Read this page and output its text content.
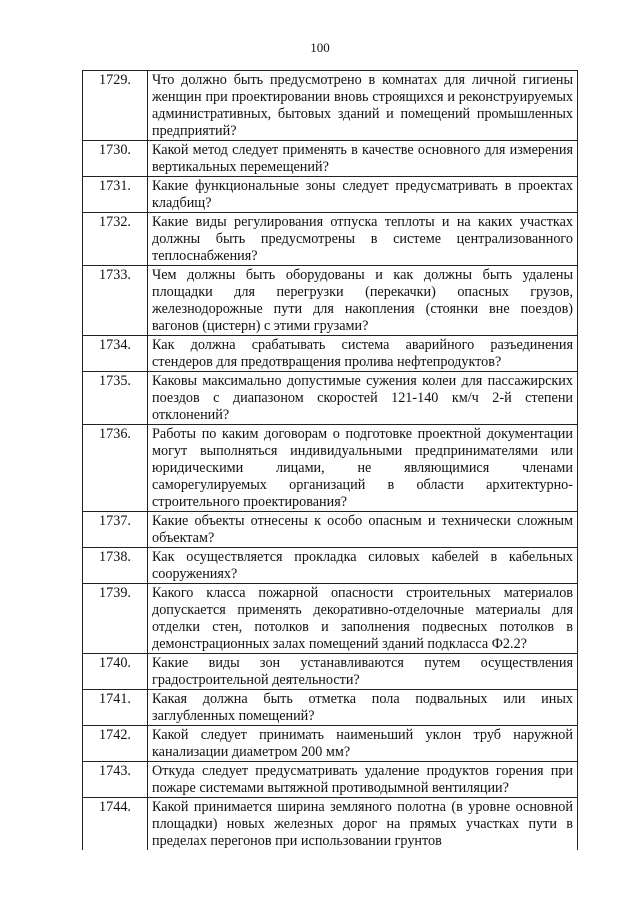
100
1729.	Что должно быть предусмотрено в комнатах для личной гигиены женщин при проектировании вновь строящихся и реконструируемых административных, бытовых зданий и помещений промышленных предприятий?
1730.	Какой метод следует применять в качестве основного для измерения вертикальных перемещений?
1731.	Какие функциональные зоны следует предусматривать в проектах кладбищ?
1732.	Какие виды регулирования отпуска теплоты и на каких участках должны быть предусмотрены в системе централизованного теплоснабжения?
1733.	Чем должны быть оборудованы и как должны быть удалены площадки для перегрузки (перекачки) опасных грузов, железнодорожные пути для накопления (стоянки вне поездов) вагонов (цистерн) с этими грузами?
1734.	Как должна срабатывать система аварийного разъединения стендеров для предотвращения пролива нефтепродуктов?
1735.	Каковы максимально допустимые сужения колеи для пассажирских поездов с диапазоном скоростей 121-140 км/ч 2-й степени отклонений?
1736.	Работы по каким договорам о подготовке проектной документации могут выполняться индивидуальными предпринимателями или юридическими лицами, не являющимися членами саморегулируемых организаций в области архитектурно-строительного проектирования?
1737.	Какие объекты отнесены к особо опасным и технически сложным объектам?
1738.	Как осуществляется прокладка силовых кабелей в кабельных сооружениях?
1739.	Какого класса пожарной опасности строительных материалов допускается применять декоративно-отделочные материалы для отделки стен, потолков и заполнения подвесных потолков в демонстрационных залах помещений зданий подкласса Ф2.2?
1740.	Какие виды зон устанавливаются путем осуществления градостроительной деятельности?
1741.	Какая должна быть отметка пола подвальных или иных заглубленных помещений?
1742.	Какой следует принимать наименьший уклон труб наружной канализации диаметром 200 мм?
1743.	Откуда следует предусматривать удаление продуктов горения при пожаре системами вытяжной противодымной вентиляции?
1744.	Какой принимается ширина земляного полотна (в уровне основной площадки) новых железных дорог на прямых участках пути в пределах перегонов при использовании грунтов
